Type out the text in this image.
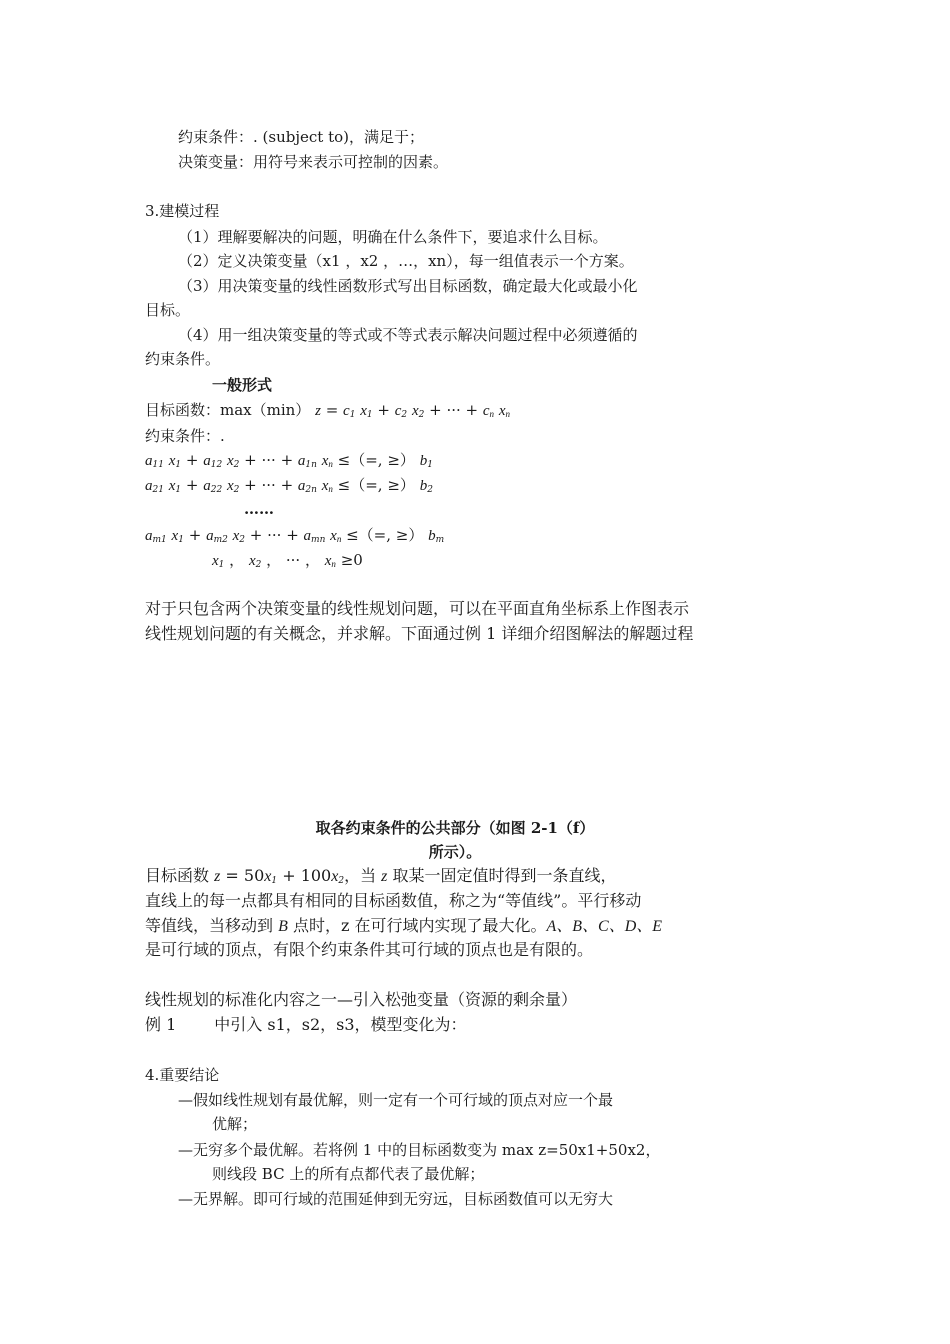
约束条件：. (subject to)，满足于；
决策变量：用符号来表示可控制的因素。
3.建模过程
（1）理解要解决的问题，明确在什么条件下，要追求什么目标。
（2）定义决策变量（x1 ，x2 ，…，xn），每一组值表示一个方案。
（3）用决策变量的线性函数形式写出目标函数，确定最大化或最小化
目标。
（4）用一组决策变量的等式或不等式表示解决问题过程中必须遵循的
约束条件。
一般形式
目标函数：max（min） $z = c_1$ $x_1 + c_2$ $x_2$ + ··· + $c_n$ $x_n$
约束条件：.
$a_{11}$ $x_1 + a_{12}$ $x_2$ + ··· + $a_{1n}$ $x_n$ ≤（=, ≥） $b_1$
$a_{21}$ $x_1 + a_{22}$ $x_2$ + ··· + $a_{2n}$ $x_n$ ≤（=, ≥） $b_2$
……
$a_{m1}$ $x_1 + a_{m2}$ $x_2$ + ··· + $a_{mn}$ $x_n$ ≤（=, ≥） $b_m$
$x_1$ ， $x_2$ ， ··· ， $x_n \ge 0$
对于只包含两个决策变量的线性规划问题，可以在平面直角坐标系上作图表示
线性规划问题的有关概念，并求解。下面通过例 1 详细介绍图解法的解题过程
取各约束条件的公共部分（如图 2-1（f）
所示）。
目标函数 $z = 50x_1 + 100x_2$，当 z 取某一固定值时得到一条直线，
直线上的每一点都具有相同的目标函数值，称之为“等值线”。平行移动
等值线，当移动到 B 点时，z 在可行域内实现了最大化。A、B、C、D、E
是可行域的顶点，有限个约束条件其可行域的顶点也是有限的。
线性规划的标准化内容之一—引入松弛变量（资源的剩余量）
例 1 中引入 s1，s2，s3，模型变化为：
4.重要结论
—假如线性规划有最优解，则一定有一个可行域的顶点对应一个最
优解；
—无穷多个最优解。若将例 1 中的目标函数变为 max z=50x1+50x2，
则线段 BC 上的所有点都代表了最优解；
—无界解。即可行域的范围延伸到无穷远，目标函数值可以无穷大
